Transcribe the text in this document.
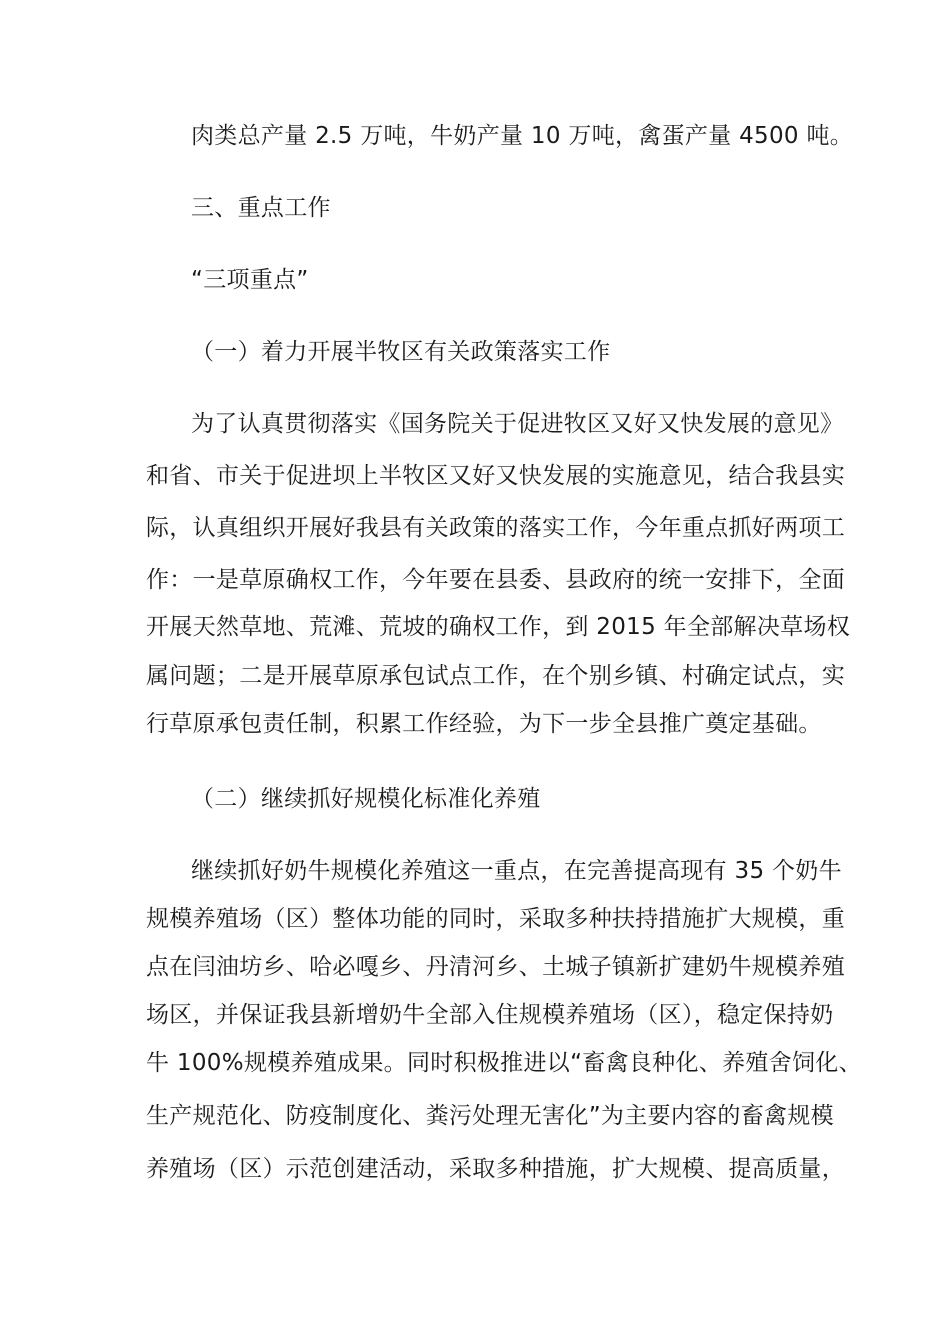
肉类总产量 2.5 万吨，牛奶产量 10 万吨，禽蛋产量 4500 吨。

三、重点工作

“三项重点”

（一）着力开展半牧区有关政策落实工作

为了认真贯彻落实《国务院关于促进牧区又好又快发展的意见》

和省、市关于促进坝上半牧区又好又快发展的实施意见，结合我县实

际，认真组织开展好我县有关政策的落实工作，今年重点抓好两项工

作：一是草原确权工作，今年要在县委、县政府的统一安排下，全面

开展天然草地、荒滩、荒坡的确权工作，到 2015 年全部解决草场权

属问题；二是开展草原承包试点工作，在个别乡镇、村确定试点，实

行草原承包责任制，积累工作经验，为下一步全县推广奠定基础。

（二）继续抓好规模化标准化养殖

继续抓好奶牛规模化养殖这一重点，在完善提高现有 35 个奶牛

规模养殖场（区）整体功能的同时，采取多种扶持措施扩大规模，重

点在闫油坊乡、哈必嘎乡、丹清河乡、土城子镇新扩建奶牛规模养殖

场区，并保证我县新增奶牛全部入住规模养殖场（区），稳定保持奶

牛 100%规模养殖成果。同时积极推进以“畜禽良种化、养殖舍饲化、

生产规范化、防疫制度化、粪污处理无害化”为主要内容的畜禽规模

养殖场（区）示范创建活动，采取多种措施，扩大规模、提高质量，
